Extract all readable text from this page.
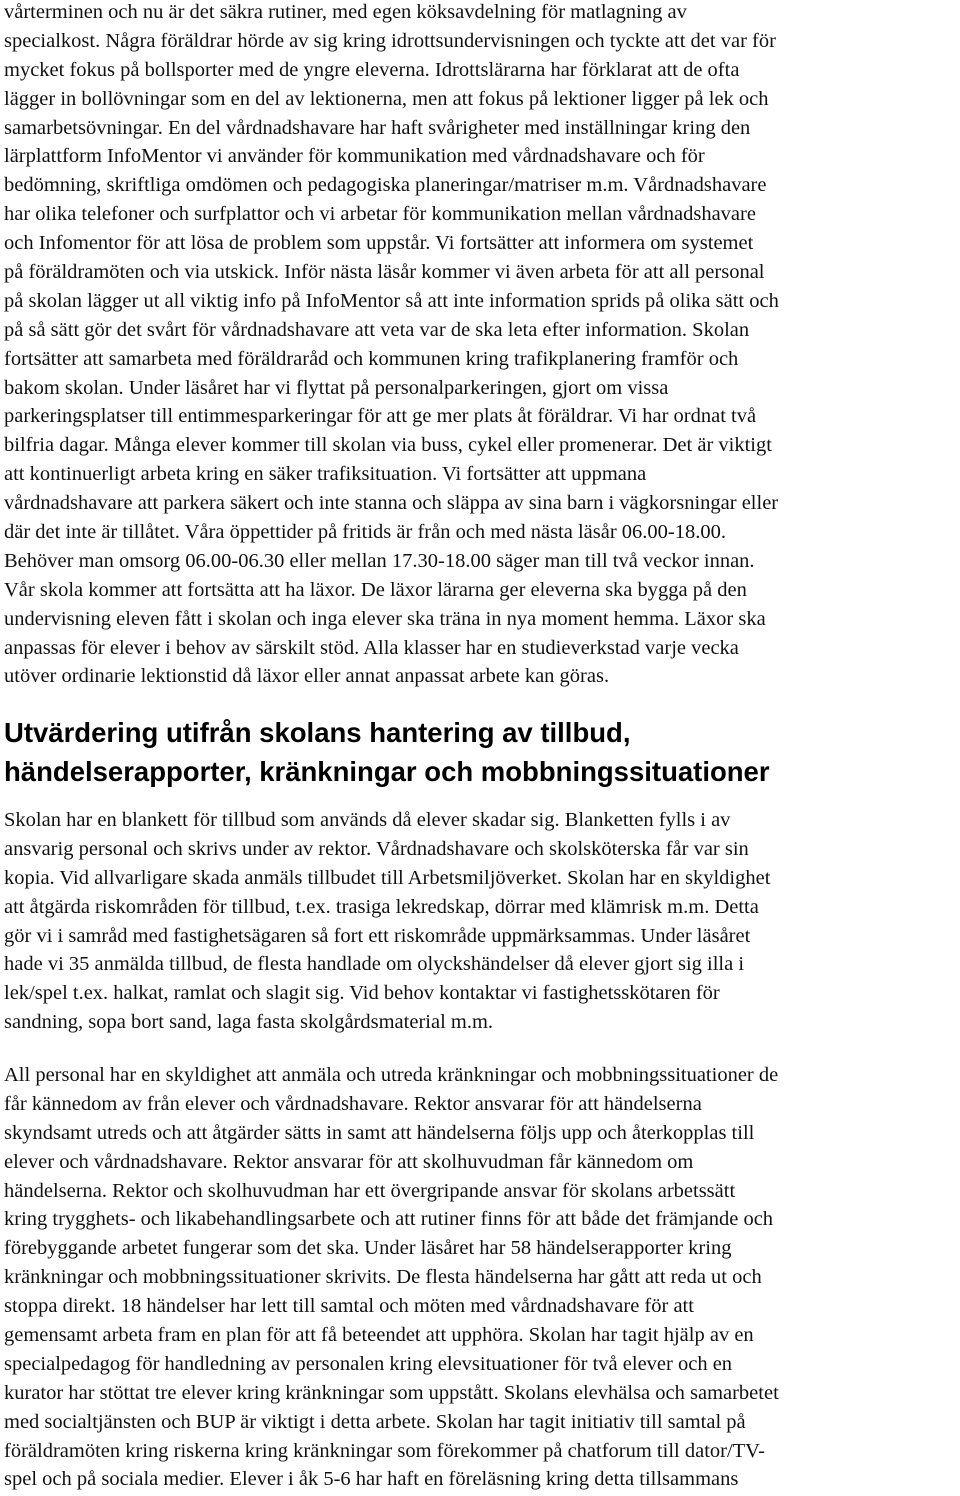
vårterminen och nu är det säkra rutiner, med egen köksavdelning för matlagning av
specialkost. Några föräldrar hörde av sig kring idrottsundervisningen och tyckte att det var för
mycket fokus på bollsporter med de yngre eleverna. Idrottslärarna har förklarat att de ofta
lägger in bollövningar som en del av lektionerna, men att fokus på lektioner ligger på lek och
samarbetsövningar. En del vårdnadshavare har haft svårigheter med inställningar kring den
lärplattform InfoMentor vi använder för kommunikation med vårdnadshavare och för
bedömning, skriftliga omdömen och pedagogiska planeringar/matriser m.m. Vårdnadshavare
har olika telefoner och surfplattor och vi arbetar för kommunikation mellan vårdnadshavare
och Infomentor för att lösa de problem som uppstår. Vi fortsätter att informera om systemet
på föräldramöten och via utskick. Inför nästa läsår kommer vi även arbeta för att all personal
på skolan lägger ut all viktig info på InfoMentor så att inte information sprids på olika sätt och
på så sätt gör det svårt för vårdnadshavare att veta var de ska leta efter information. Skolan
fortsätter att samarbeta med föräldraråd och kommunen kring trafikplanering framför och
bakom skolan. Under läsåret har vi flyttat på personalparkeringen, gjort om vissa
parkeringsplatser till entimmesparkeringar för att ge mer plats åt föräldrar. Vi har ordnat två
bilfria dagar. Många elever kommer till skolan via buss, cykel eller promenerar. Det är viktigt
att kontinuerligt arbeta kring en säker trafiksituation. Vi fortsätter att uppmana
vårdnadshavare att parkera säkert och inte stanna och släppa av sina barn i vägkorsningar eller
där det inte är tillåtet. Våra öppettider på fritids är från och med nästa läsår 06.00-18.00.
Behöver man omsorg 06.00-06.30 eller mellan 17.30-18.00 säger man till två veckor innan.
Vår skola kommer att fortsätta att ha läxor. De läxor lärarna ger eleverna ska bygga på den
undervisning eleven fått i skolan och inga elever ska träna in nya moment hemma. Läxor ska
anpassas för elever i behov av särskilt stöd. Alla klasser har en studieverkstad varje vecka
utöver ordinarie lektionstid då läxor eller annat anpassat arbete kan göras.

Utvärdering utifrån skolans hantering av tillbud,
händelserapporter, kränkningar och mobbningssituationer

Skolan har en blankett för tillbud som används då elever skadar sig. Blanketten fylls i av
ansvarig personal och skrivs under av rektor. Vårdnadshavare och skolsköterska får var sin
kopia. Vid allvarligare skada anmäls tillbudet till Arbetsmiljöverket. Skolan har en skyldighet
att åtgärda riskområden för tillbud, t.ex. trasiga lekredskap, dörrar med klämrisk m.m. Detta
gör vi i samråd med fastighetsägaren så fort ett riskområde uppmärksammas. Under läsåret
hade vi 35 anmälda tillbud, de flesta handlade om olyckshändelser då elever gjort sig illa i
lek/spel t.ex. halkat, ramlat och slagit sig. Vid behov kontaktar vi fastighetsskötaren för
sandning, sopa bort sand, laga fasta skolgårdsmaterial m.m.

All personal har en skyldighet att anmäla och utreda kränkningar och mobbningssituationer de
får kännedom av från elever och vårdnadshavare. Rektor ansvarar för att händelserna
skyndsamt utreds och att åtgärder sätts in samt att händelserna följs upp och återkopplas till
elever och vårdnadshavare. Rektor ansvarar för att skolhuvudman får kännedom om
händelserna. Rektor och skolhuvudman har ett övergripande ansvar för skolans arbetssätt
kring trygghets- och likabehandlingsarbete och att rutiner finns för att både det främjande och
förebyggande arbetet fungerar som det ska. Under läsåret har 58 händelserapporter kring
kränkningar och mobbningssituationer skrivits. De flesta händelserna har gått att reda ut och
stoppa direkt. 18 händelser har lett till samtal och möten med vårdnadshavare för att
gemensamt arbeta fram en plan för att få beteendet att upphöra. Skolan har tagit hjälp av en
specialpedagog för handledning av personalen kring elevsituationer för två elever och en
kurator har stöttat tre elever kring kränkningar som uppstått. Skolans elevhälsa och samarbetet
med socialtjänsten och BUP är viktigt i detta arbete. Skolan har tagit initiativ till samtal på
föräldramöten kring riskerna kring kränkningar som förekommer på chatforum till dator/TV-
spel och på sociala medier. Elever i åk 5-6 har haft en föreläsning kring detta tillsammans
